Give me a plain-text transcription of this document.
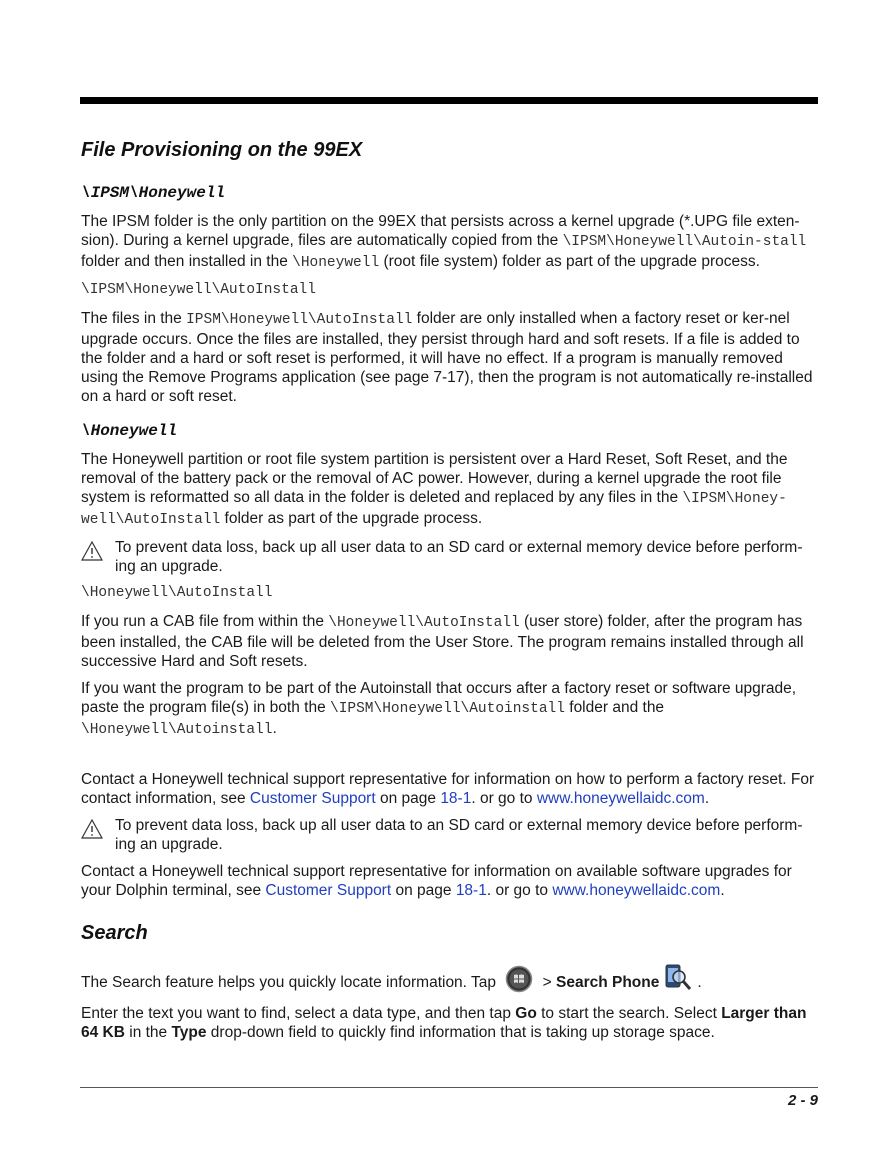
File Provisioning on the 99EX
\IPSM\Honeywell

The IPSM folder is the only partition on the 99EX that persists across a kernel upgrade (*.UPG file exten-sion). During a kernel upgrade, files are automatically copied from the \IPSM\Honeywell\Autoin-stall folder and then installed in the \Honeywell (root file system) folder as part of the upgrade process.

\IPSM\Honeywell\AutoInstall

The files in the IPSM\Honeywell\AutoInstall folder are only installed when a factory reset or ker-nel upgrade occurs. Once the files are installed, they persist through hard and soft resets. If a file is added to the folder and a hard or soft reset is performed, it will have no effect. If a program is manually removed using the Remove Programs application (see page 7-17), then the program is not automatically re-installed on a hard or soft reset.

\Honeywell

The Honeywell partition or root file system partition is persistent over a Hard Reset, Soft Reset, and the removal of the battery pack or the removal of AC power. However, during a kernel upgrade the root file system is reformatted so all data in the folder is deleted and replaced by any files in the \IPSM\Honey-well\AutoInstall folder as part of the upgrade process.

To prevent data loss, back up all user data to an SD card or external memory device before perform-ing an upgrade.

\Honeywell\AutoInstall

If you run a CAB file from within the \Honeywell\AutoInstall (user store) folder, after the program has been installed, the CAB file will be deleted from the User Store. The program remains installed through all successive Hard and Soft resets.

If you want the program to be part of the Autoinstall that occurs after a factory reset or software upgrade, paste the program file(s) in both the \IPSM\Honeywell\Autoinstall folder and the \Honeywell\Autoinstall.

Contact a Honeywell technical support representative for information on how to perform a factory reset. For contact information, see Customer Support on page 18-1. or go to www.honeywellaidc.com.

To prevent data loss, back up all user data to an SD card or external memory device before perform-ing an upgrade.

Contact a Honeywell technical support representative for information on available software upgrades for your Dolphin terminal, see Customer Support on page 18-1. or go to www.honeywellaidc.com.

Search

The Search feature helps you quickly locate information. Tap  > Search Phone .

Enter the text you want to find, select a data type, and then tap Go to start the search. Select Larger than 64 KB in the Type drop-down field to quickly find information that is taking up storage space.

2 - 9
